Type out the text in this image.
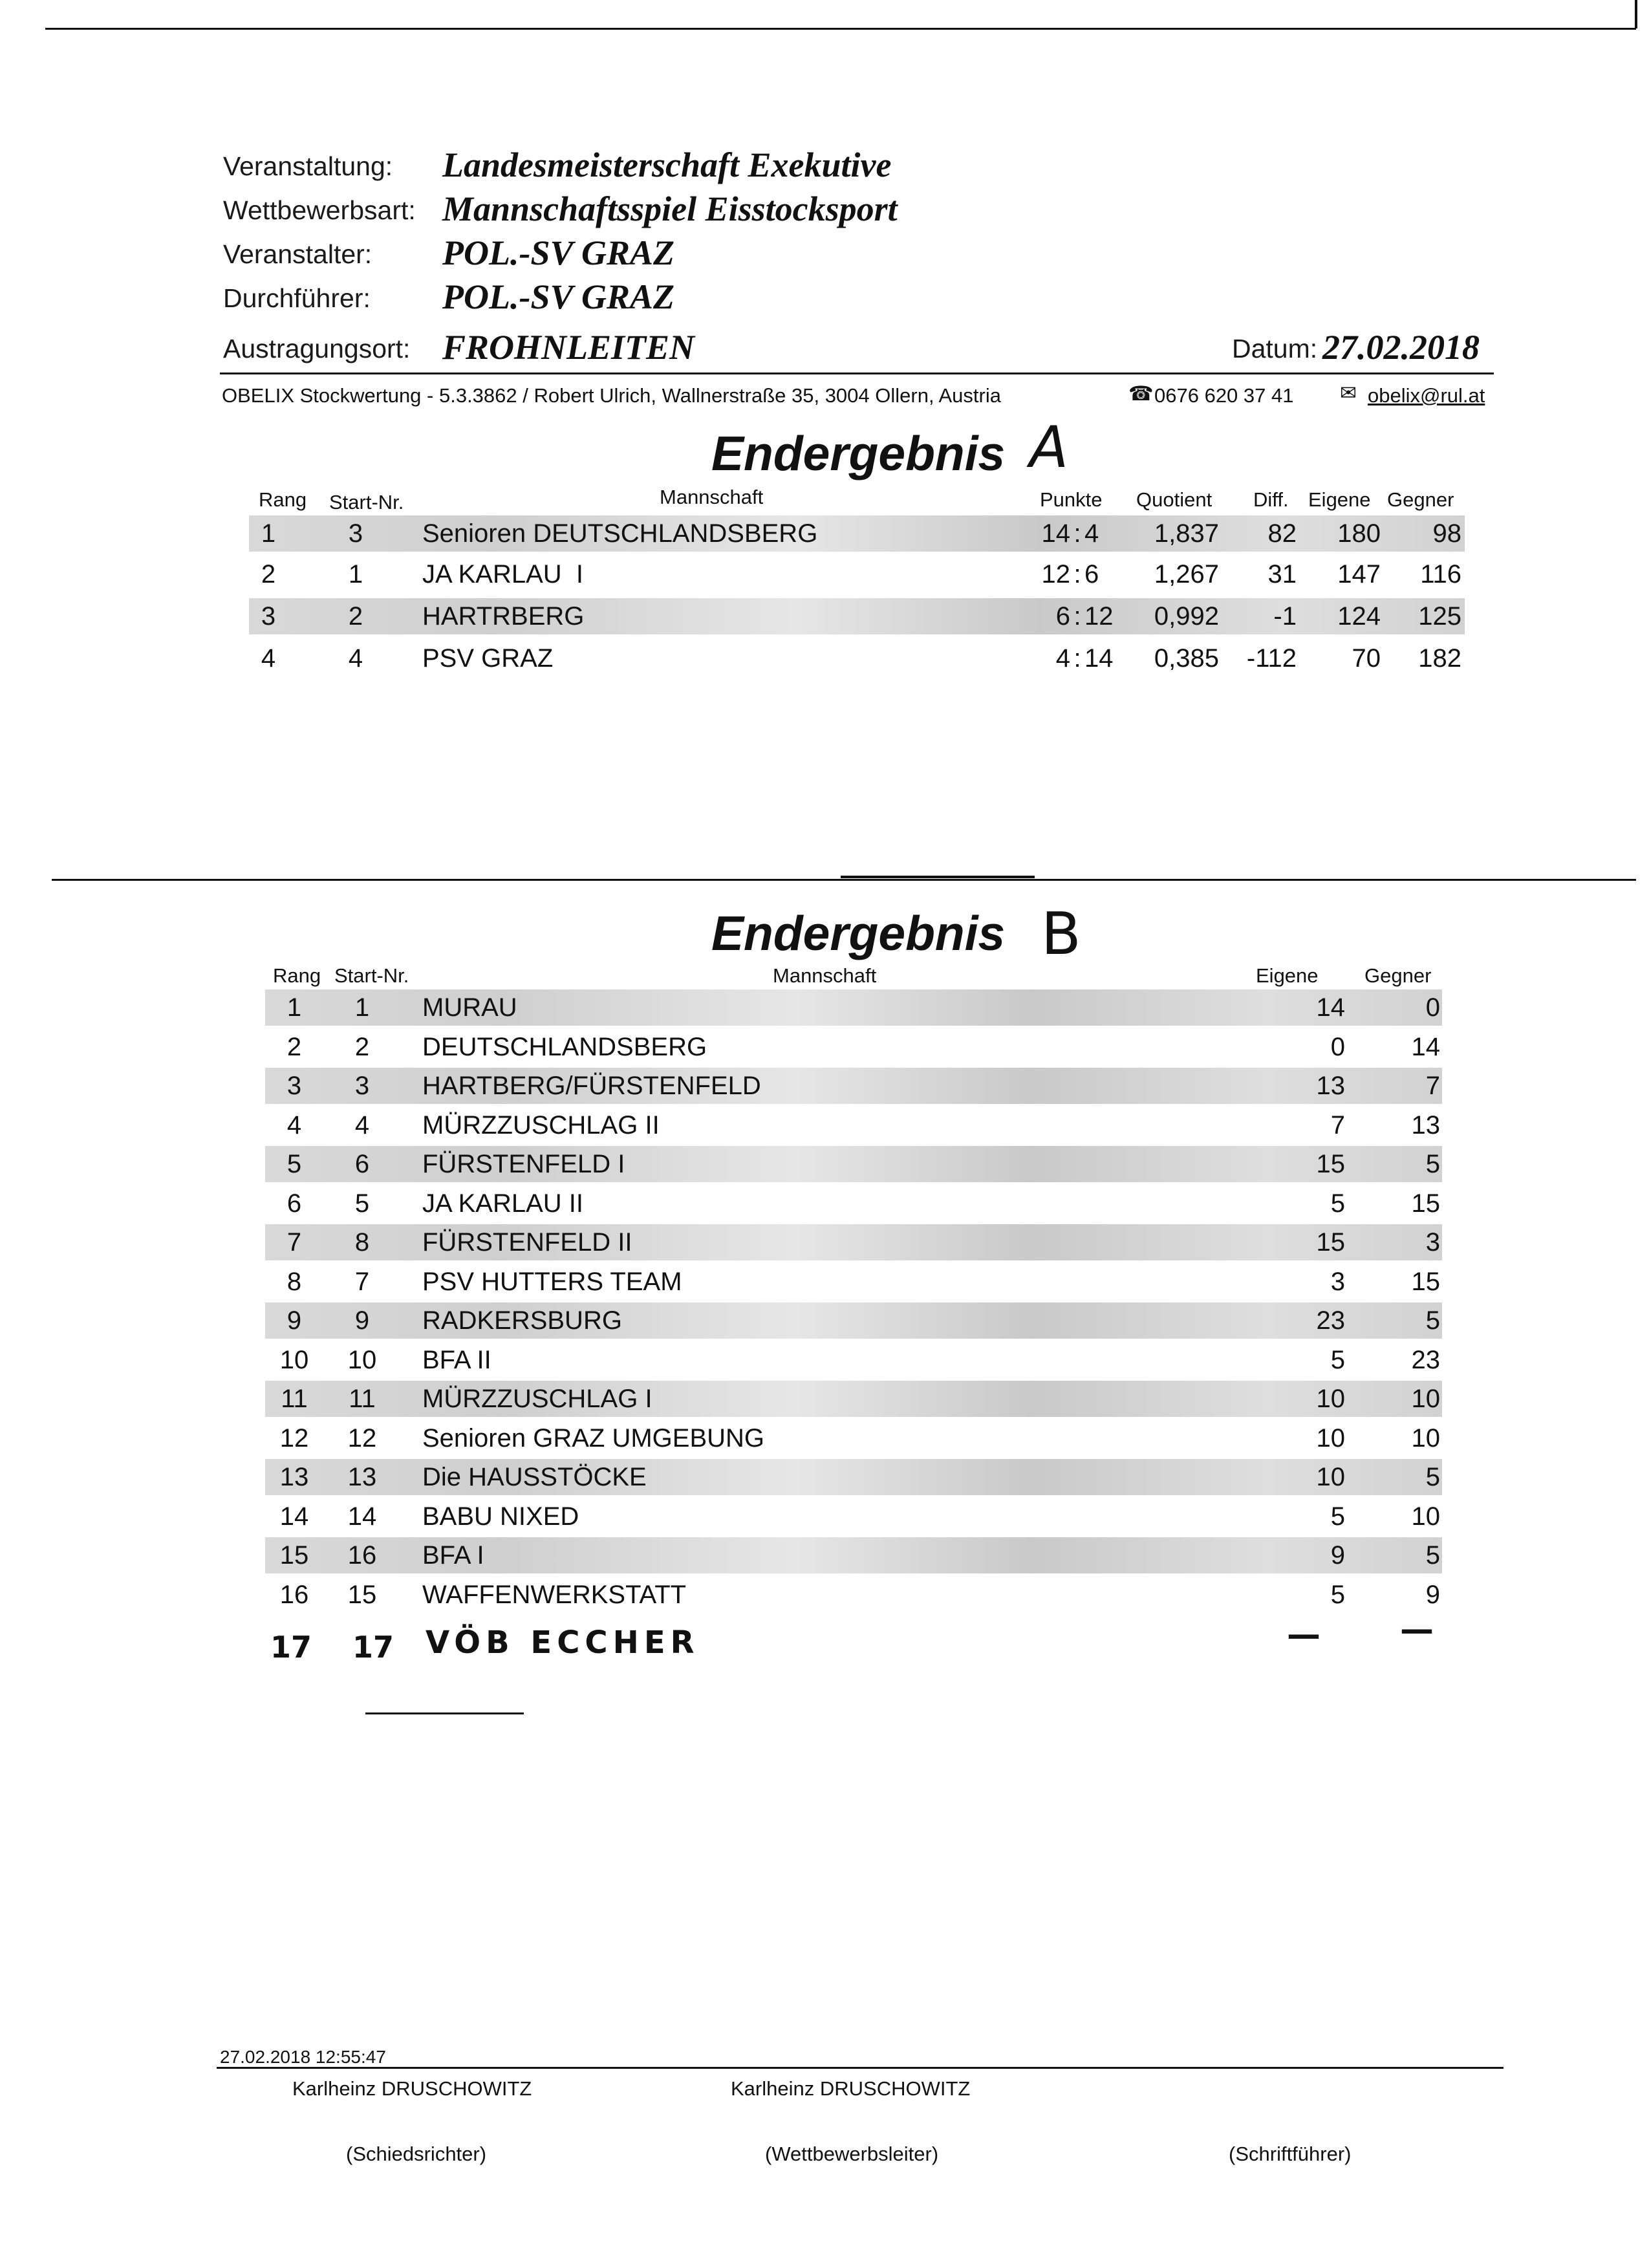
Veranstaltung: Landesmeisterschaft Exekutive
Wettbewerbsart: Mannschaftsspiel Eisstocksport
Veranstalter: POL.-SV GRAZ
Durchführer: POL.-SV GRAZ
Austragungsort: FROHNLEITEN	Datum: 27.02.2018
OBELIX Stockwertung - 5.3.3862 / Robert Ulrich, Wallnerstraße 35, 3004 Ollern, Austria	☎ 0676 620 37 41 ✉ obelix@rul.at
Endergebnis A
Rang Start-Nr.	Mannschaft	Punkte Quotient Diff. Eigene Gegner
1	3	Senioren DEUTSCHLANDSBERG	14 : 4	1,837	82	180	98
2	1	JA KARLAU  I	12 : 6	1,267	31	147	116
3	2	HARTRBERG	6 : 12	0,992	-1	124	125
4	4	PSV GRAZ	4 : 14	0,385	-112	70	182
Endergebnis B
Rang Start-Nr.	Mannschaft	Eigene Gegner
1	1	MURAU	14	0
2	2	DEUTSCHLANDSBERG	0	14
3	3	HARTBERG/FÜRSTENFELD	13	7
4	4	MÜRZZUSCHLAG II	7	13
5	6	FÜRSTENFELD I	15	5
6	5	JA KARLAU II	5	15
7	8	FÜRSTENFELD II	15	3
8	7	PSV HUTTERS TEAM	3	15
9	9	RADKERSBURG	23	5
10 10 BFA II	5	23
11 11 MÜRZZUSCHLAG I	10	10
12 12 Senioren GRAZ UMGEBUNG	10	10
13 13 Die HAUSSTÖCKE	10	5
14 14 BABU NIXED	5	10
15 16 BFA I	9	5
16 15 WAFFENWERKSTATT	5	9
17 17 VÖB ECCHER	— —
27.02.2018 12:55:47
Karlheinz DRUSCHOWITZ
(Schiedsrichter)
Karlheinz DRUSCHOWITZ
(Wettbewerbsleiter)	(Schriftführer)
